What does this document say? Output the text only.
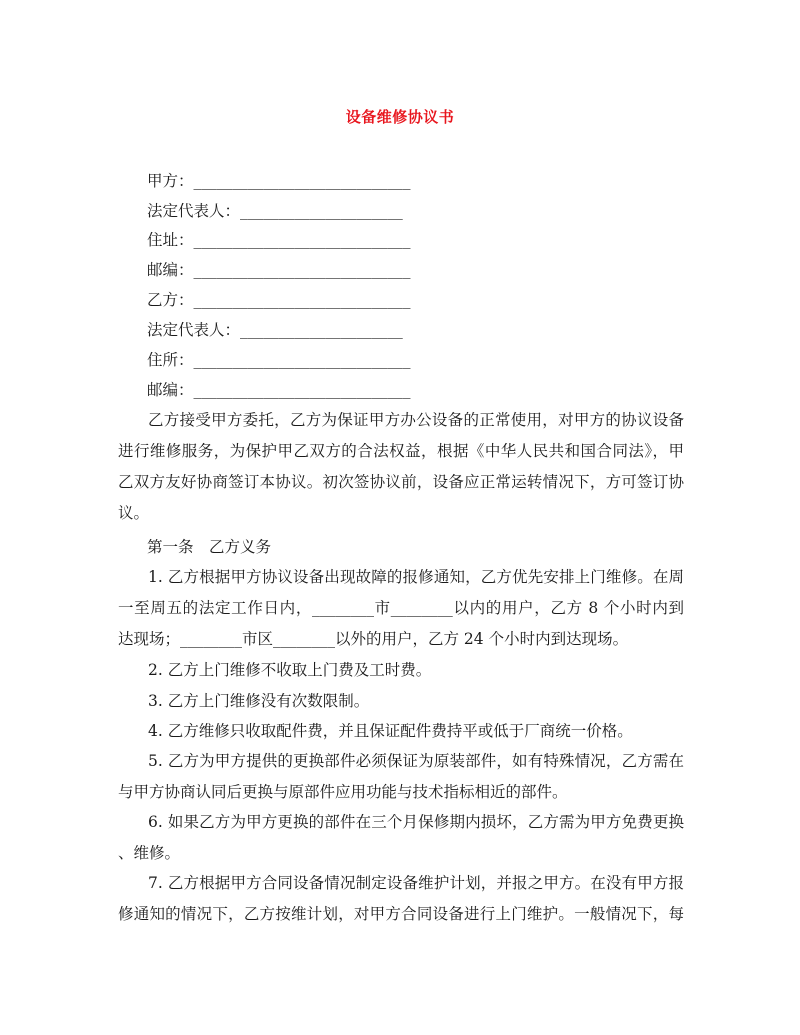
设备维修协议书
甲方：____________________________
法定代表人：_____________________
住址：____________________________
邮编：____________________________
乙方：____________________________
法定代表人：_____________________
住所：____________________________
邮编：____________________________
乙方接受甲方委托，乙方为保证甲方办公设备的正常使用，对甲方的协议设备
进行维修服务，为保护甲乙双方的合法权益，根据《中华人民共和国合同法》，甲
乙双方友好协商签订本协议。初次签协议前，设备应正常运转情况下，方可签订协
议。
第一条　乙方义务
1. 乙方根据甲方协议设备出现故障的报修通知，乙方优先安排上门维修。在周
一至周五的法定工作日内，________市________以内的用户，乙方 8 个小时内到
达现场；________市区________以外的用户，乙方 24 个小时内到达现场。
2. 乙方上门维修不收取上门费及工时费。
3. 乙方上门维修没有次数限制。
4. 乙方维修只收取配件费，并且保证配件费持平或低于厂商统一价格。
5. 乙方为甲方提供的更换部件必须保证为原装部件，如有特殊情况，乙方需在
与甲方协商认同后更换与原部件应用功能与技术指标相近的部件。
6. 如果乙方为甲方更换的部件在三个月保修期内损坏，乙方需为甲方免费更换
、维修。
7. 乙方根据甲方合同设备情况制定设备维护计划，并报之甲方。在没有甲方报
修通知的情况下，乙方按维计划，对甲方合同设备进行上门维护。一般情况下，每
